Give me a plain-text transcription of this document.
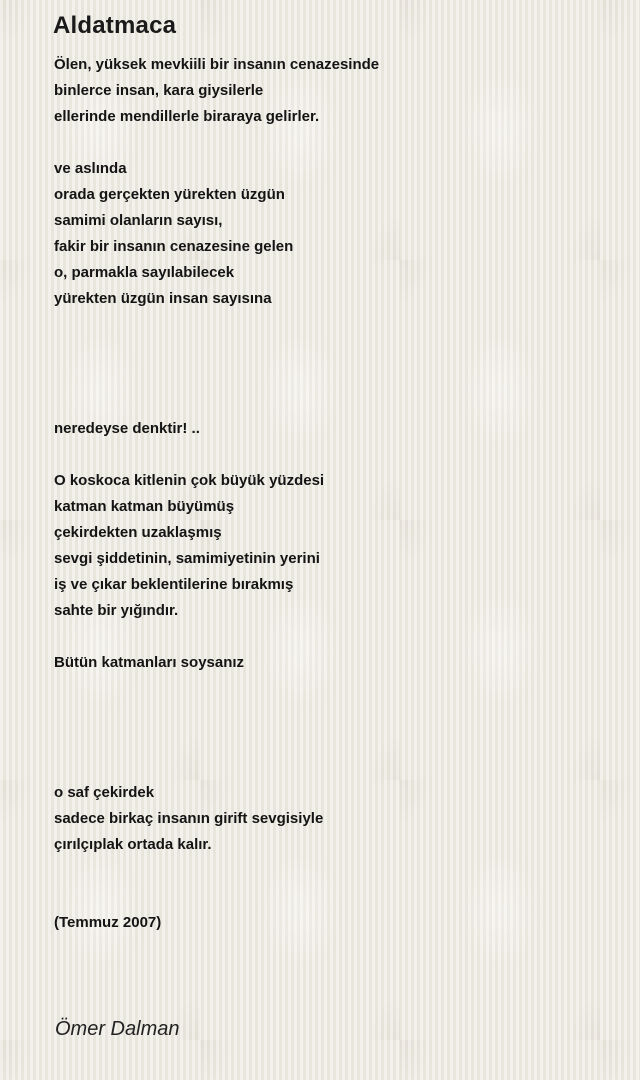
Aldatmaca
Ölen, yüksek mevkiili bir insanın cenazesinde
binlerce insan, kara giysilerle
ellerinde mendillerle biraraya gelirler.
ve aslında
orada gerçekten yürekten üzgün
samimi olanların sayısı,
fakir bir insanın cenazesine gelen
o, parmakla sayılabilecek
yürekten üzgün insan sayısına
neredeyse denktir! ..
O koskoca kitlenin çok büyük yüzdesi
katman katman büyümüş
çekirdekten uzaklaşmış
sevgi şiddetinin, samimiyetinin yerini
iş ve çıkar beklentilerine bırakmış
sahte bir yığındır.
Bütün katmanları soysanız
o saf çekirdek
sadece birkaç insanın girift sevgisiyle
çırılçıplak ortada kalır.
(Temmuz 2007)
Ömer Dalman
